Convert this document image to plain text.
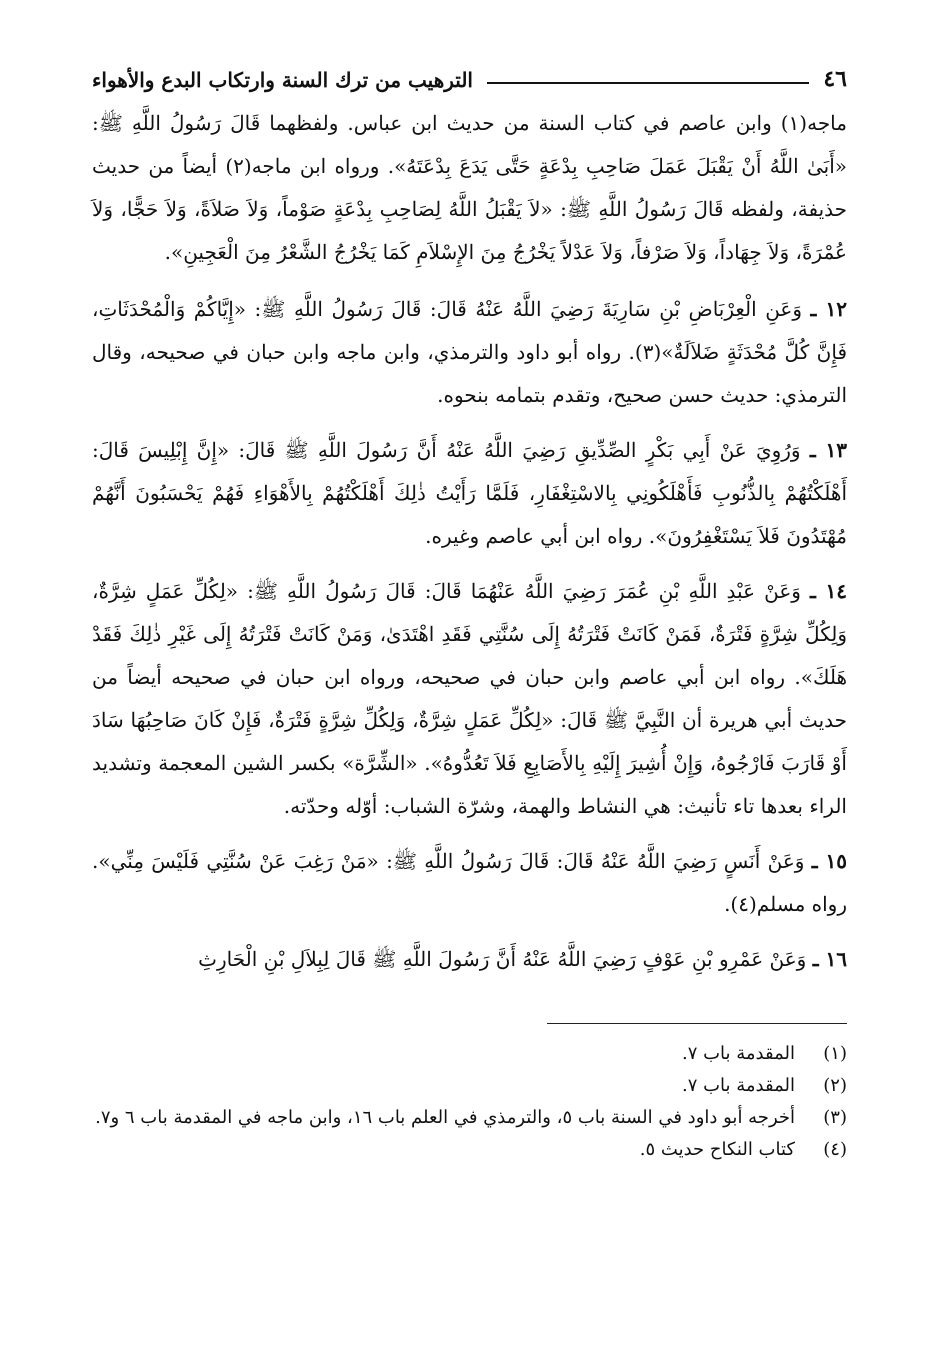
٤٦
الترهيب من ترك السنة وارتكاب البدع والأهواء

ماجه(١) وابن عاصم في كتاب السنة من حديث ابن عباس. ولفظهما قَالَ رَسُولُ اللَّهِ ﷺ: «أَبَىٰ اللَّهُ أَنْ يَقْبَلَ عَمَلَ صَاحِبِ بِدْعَةٍ حَتَّى يَدَعَ بِدْعَتَهُ». ورواه ابن ماجه(٢) أيضاً من حديث حذيفة، ولفظه قَالَ رَسُولُ اللَّهِ ﷺ: «لاَ يَقْبَلُ اللَّهُ لِصَاحِبِ بِدْعَةٍ صَوْماً، وَلاَ صَلاَةً، وَلاَ حَجًّا، وَلاَ عُمْرَةً، وَلاَ جِهَاداً، وَلاَ صَرْفاً، وَلاَ عَدْلاً يَخْرُجُ مِنَ الإِسْلاَمِ كَمَا يَخْرُجُ الشَّعْرُ مِنَ الْعَجِينِ».

١٢ ـ وَعَنِ الْعِرْبَاضِ بْنِ سَارِيَةَ رَضِيَ اللَّهُ عَنْهُ قَالَ: قَالَ رَسُولُ اللَّهِ ﷺ: «إِيَّاكُمْ وَالْمُحْدَثَاتِ، فَإِنَّ كُلَّ مُحْدَثَةٍ ضَلاَلَةٌ»(٣). رواه أبو داود والترمذي، وابن ماجه وابن حبان في صحيحه، وقال الترمذي: حديث حسن صحيح، وتقدم بتمامه بنحوه.

١٣ ـ وَرُوِيَ عَنْ أَبِي بَكْرٍ الصِّدِّيقِ رَضِيَ اللَّهُ عَنْهُ أَنَّ رَسُولَ اللَّهِ ﷺ قَالَ: «إِنَّ إِبْلِيسَ قَالَ: أَهْلَكْتُهُمْ بِالذُّنُوبِ فَأَهْلَكُونِي بِالاسْتِغْفَارِ، فَلَمَّا رَأَيْتُ ذٰلِكَ أَهْلَكْتُهُمْ بِالأَهْوَاءِ فَهُمْ يَحْسَبُونَ أَنَّهُمْ مُهْتَدُونَ فَلاَ يَسْتَغْفِرُونَ». رواه ابن أبي عاصم وغيره.

١٤ ـ وَعَنْ عَبْدِ اللَّهِ بْنِ عُمَرَ رَضِيَ اللَّهُ عَنْهُمَا قَالَ: قَالَ رَسُولُ اللَّهِ ﷺ: «لِكُلِّ عَمَلٍ شِرَّةٌ، وَلِكُلِّ شِرَّةٍ فَتْرَةٌ، فَمَنْ كَانَتْ فَتْرَتُهُ إِلَى سُنَّتِي فَقَدِ اهْتَدَىٰ، وَمَنْ كَانَتْ فَتْرَتُهُ إِلَى غَيْرِ ذٰلِكَ فَقَدْ هَلَكَ». رواه ابن أبي عاصم وابن حبان في صحيحه، ورواه ابن حبان في صحيحه أيضاً من حديث أبي هريرة أن النَّبِيَّ ﷺ قَالَ: «لِكُلِّ عَمَلٍ شِرَّةٌ، وَلِكُلِّ شِرَّةٍ فَتْرَةٌ، فَإِنْ كَانَ صَاحِبُهَا سَادَ أَوْ قَارَبَ فَارْجُوهُ، وَإِنْ أُشِيرَ إِلَيْهِ بِالأَصَابِعِ فَلاَ تَعُدُّوهُ». «الشِّرَّة» بكسر الشين المعجمة وتشديد الراء بعدها تاء تأنيث: هي النشاط والهمة، وشرّة الشباب: أوّله وحدّته.

١٥ ـ وَعَنْ أَنَسٍ رَضِيَ اللَّهُ عَنْهُ قَالَ: قَالَ رَسُولُ اللَّهِ ﷺ: «مَنْ رَغِبَ عَنْ سُنَّتِي فَلَيْسَ مِنِّي». رواه مسلم(٤).

١٦ ـ وَعَنْ عَمْرِو بْنِ عَوْفٍ رَضِيَ اللَّهُ عَنْهُ أَنَّ رَسُولَ اللَّهِ ﷺ قَالَ لِبِلاَلِ بْنِ الْحَارِثِ

(١)
المقدمة باب ٧.
(٢)
المقدمة باب ٧.
(٣)
أخرجه أبو داود في السنة باب ٥، والترمذي في العلم باب ١٦، وابن ماجه في المقدمة باب ٦ و٧.
(٤)
كتاب النكاح حديث ٥.
